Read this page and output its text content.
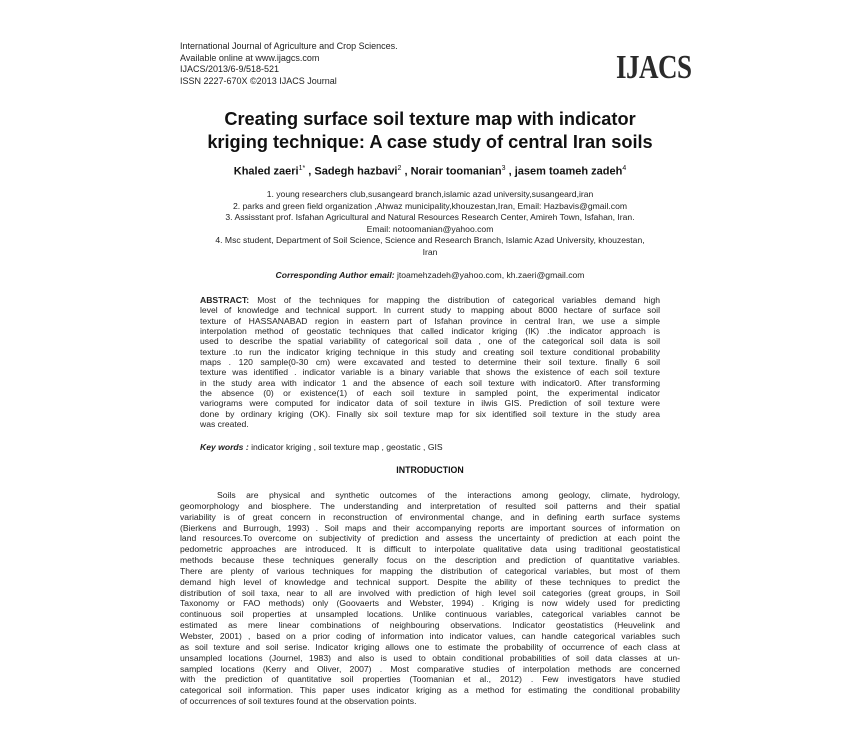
International Journal of Agriculture and Crop Sciences.
Available online at www.ijagcs.com
IJACS/2013/6-9/518-521
ISSN 2227-670X ©2013 IJACS Journal	IJACS
Creating surface soil texture map with indicator
kriging technique: A case study of central Iran soils
Khaled zaeri$^{1*}$ , Sadegh hazbavi$^2$ , Norair toomanian$^3$ , jasem toameh zadeh$^4$
1. young researchers club,susangeard branch,islamic azad university,susangeard,iran
2. parks and green field organization ,Ahwaz municipality,khouzestan,Iran, Email: Hazbavis@gmail.com
3. Assisstant prof. Isfahan Agricultural and Natural Resources Research Center, Amireh Town, Isfahan, Iran.
Email: notoomanian@yahoo.com
4. Msc student, Department of Soil Science, Science and Research Branch, Islamic Azad University, khouzestan,
Iran
Corresponding Author email: jtoamehzadeh@yahoo.com, kh.zaeri@gmail.com
ABSTRACT: Most of the techniques for mapping the distribution of categorical variables demand high
level of knowledge and technical support. In current study to mapping about 8000 hectare of surface soil
texture of HASSANABAD region in eastern part of Isfahan province in central Iran, we use a simple
interpolation method of geostatic techniques that called indicator kriging (IK) .the indicator approach is
used to describe the spatial variability of categorical soil data , one of the categorical soil data is soil
texture .to run the indicator kriging technique in this study and creating soil texture conditional probability
maps . 120 sample(0-30 cm) were excavated and tested to determine their soil texture. finally 6 soil
texture was identified . indicator variable is a binary variable that shows the existence of each soil texture
in the study area with indicator 1 and the absence of each soil texture with indicator0. After transforming
the absence (0) or existence(1) of each soil texture in sampled point, the experimental indicator
variograms were computed for indicator data of soil texture in ilwis GIS. Prediction of soil texture were
done by ordinary kriging (OK). Finally six soil texture map for six identified soil texture in the study area
was created.
Key words : indicator kriging , soil texture map , geostatic , GIS
INTRODUCTION
Soils are physical and synthetic outcomes of the interactions among geology, climate, hydrology,
geomorphology and biosphere. The understanding and interpretation of resulted soil patterns and their spatial
variability is of great concern in reconstruction of environmental change, and in defining earth surface systems
(Bierkens and Burrough, 1993) . Soil maps and their accompanying reports are important sources of information on
land resources.To overcome on subjectivity of prediction and assess the uncertainty of prediction at each point the
pedometric approaches are introduced. It is difficult to interpolate qualitative data using traditional geostatistical
methods because these techniques generally focus on the description and prediction of quantitative variables.
There are plenty of various techniques for mapping the distribution of categorical variables, but most of them
demand high level of knowledge and technical support. Despite the ability of these techniques to predict the
distribution of soil taxa, near to all are involved with prediction of high level soil categories (great groups, in Soil
Taxonomy or FAO methods) only (Goovaerts and Webster, 1994) . Kriging is now widely used for predicting
continuous soil properties at unsampled locations. Unlike continuous variables, categorical variables cannot be
estimated as mere linear combinations of neighbouring observations. Indicator geostatistics (Heuvelink and
Webster, 2001) , based on a prior coding of information into indicator values, can handle categorical variables such
as soil texture and soil serise. Indicator kriging allows one to estimate the probability of occurrence of each class at
unsampled locations (Journel, 1983) and also is used to obtain conditional probabilities of soil data classes at un-
sampled locations (Kerry and Oliver, 2007) . Most comparative studies of interpolation methods are concerned
with the prediction of quantitative soil properties (Toomanian et al., 2012) . Few investigators have studied
categorical soil information. This paper uses indicator kriging as a method for estimating the conditional probability
of occurrences of soil textures found at the observation points.
